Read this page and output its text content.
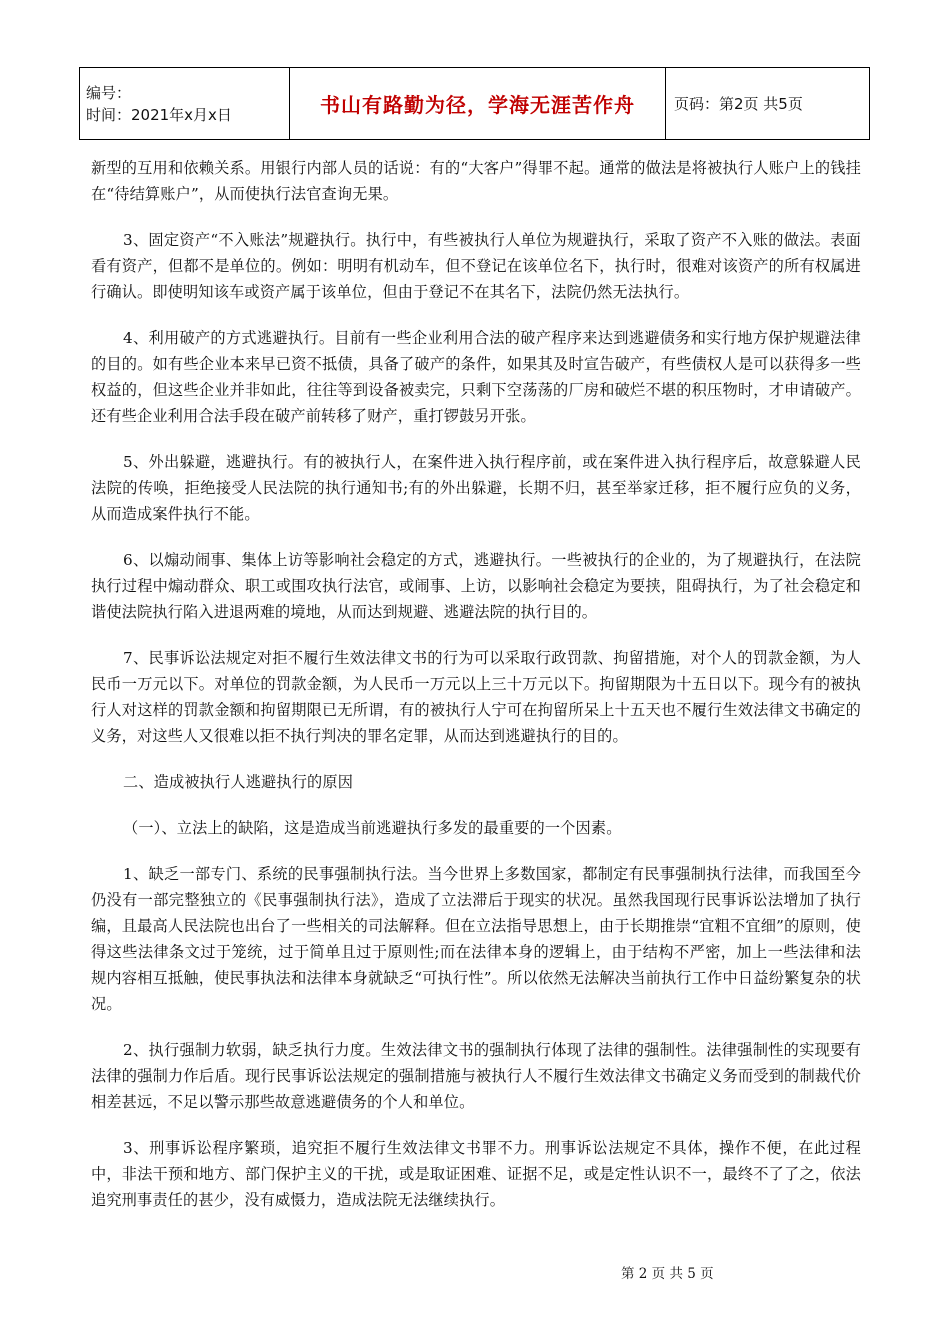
编号：
时间：2021年x月x日	书山有路勤为径，学海无涯苦作舟	页码：第2页 共5页

新型的互用和依赖关系。用银行内部人员的话说：有的“大客户”得罪不起。通常的做法是将被执行人账户上的钱挂在“待结算账户”，从而使执行法官查询无果。

3、固定资产“不入账法”规避执行。执行中，有些被执行人单位为规避执行，采取了资产不入账的做法。表面看有资产，但都不是单位的。例如：明明有机动车，但不登记在该单位名下，执行时，很难对该资产的所有权属进行确认。即使明知该车或资产属于该单位，但由于登记不在其名下，法院仍然无法执行。

4、利用破产的方式逃避执行。目前有一些企业利用合法的破产程序来达到逃避债务和实行地方保护规避法律的目的。如有些企业本来早已资不抵债，具备了破产的条件，如果其及时宣告破产，有些债权人是可以获得多一些权益的，但这些企业并非如此，往往等到设备被卖完，只剩下空荡荡的厂房和破烂不堪的积压物时，才申请破产。还有些企业利用合法手段在破产前转移了财产，重打锣鼓另开张。

5、外出躲避，逃避执行。有的被执行人，在案件进入执行程序前，或在案件进入执行程序后，故意躲避人民法院的传唤，拒绝接受人民法院的执行通知书;有的外出躲避，长期不归，甚至举家迁移，拒不履行应负的义务，从而造成案件执行不能。

6、以煽动闹事、集体上访等影响社会稳定的方式，逃避执行。一些被执行的企业的，为了规避执行，在法院执行过程中煽动群众、职工或围攻执行法官，或闹事、上访，以影响社会稳定为要挟，阻碍执行，为了社会稳定和谐使法院执行陷入进退两难的境地，从而达到规避、逃避法院的执行目的。

7、民事诉讼法规定对拒不履行生效法律文书的行为可以采取行政罚款、拘留措施，对个人的罚款金额，为人民币一万元以下。对单位的罚款金额，为人民币一万元以上三十万元以下。拘留期限为十五日以下。现今有的被执行人对这样的罚款金额和拘留期限已无所谓，有的被执行人宁可在拘留所呆上十五天也不履行生效法律文书确定的义务，对这些人又很难以拒不执行判决的罪名定罪，从而达到逃避执行的目的。

二、造成被执行人逃避执行的原因

（一）、立法上的缺陷，这是造成当前逃避执行多发的最重要的一个因素。

1、缺乏一部专门、系统的民事强制执行法。当今世界上多数国家，都制定有民事强制执行法律，而我国至今仍没有一部完整独立的《民事强制执行法》，造成了立法滞后于现实的状况。虽然我国现行民事诉讼法增加了执行编，且最高人民法院也出台了一些相关的司法解释。但在立法指导思想上，由于长期推崇“宜粗不宜细”的原则，使得这些法律条文过于笼统，过于简单且过于原则性;而在法律本身的逻辑上，由于结构不严密，加上一些法律和法规内容相互抵触，使民事执法和法律本身就缺乏“可执行性”。所以依然无法解决当前执行工作中日益纷繁复杂的状况。

2、执行强制力软弱，缺乏执行力度。生效法律文书的强制执行体现了法律的强制性。法律强制性的实现要有法律的强制力作后盾。现行民事诉讼法规定的强制措施与被执行人不履行生效法律文书确定义务而受到的制裁代价相差甚远，不足以警示那些故意逃避债务的个人和单位。

3、刑事诉讼程序繁琐，追究拒不履行生效法律文书罪不力。刑事诉讼法规定不具体，操作不便，在此过程中，非法干预和地方、部门保护主义的干扰，或是取证困难、证据不足，或是定性认识不一，最终不了了之，依法追究刑事责任的甚少，没有威慑力，造成法院无法继续执行。

第 2 页 共 5 页
